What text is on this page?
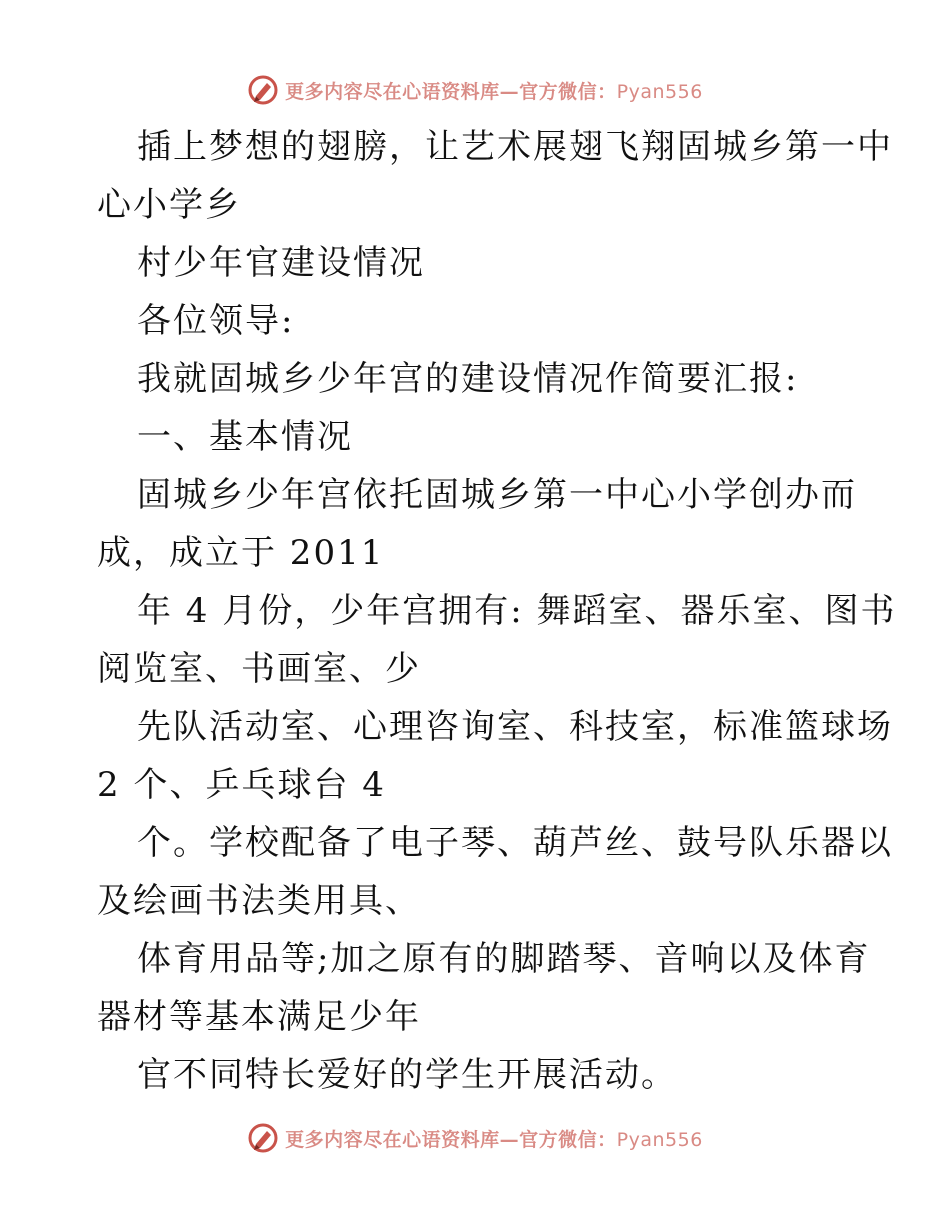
更多内容尽在心语资料库—官方微信：Pyan556
插上梦想的翅膀，让艺术展翅飞翔固城乡第一中
心小学乡
村少年官建设情况
各位领导:
我就固城乡少年宫的建设情况作简要汇报:
一、基本情况
固城乡少年宫依托固城乡第一中心小学创办而
成，成立于 2011
年 4 月份，少年宫拥有: 舞蹈室、器乐室、图书
阅览室、书画室、少
先队活动室、心理咨询室、科技室，标准篮球场
2 个、乒乓球台 4
个。学校配备了电子琴、葫芦丝、鼓号队乐器以
及绘画书法类用具、
体育用品等;加之原有的脚踏琴、音响以及体育
器材等基本满足少年
官不同特长爱好的学生开展活动。
更多内容尽在心语资料库—官方微信：Pyan556
